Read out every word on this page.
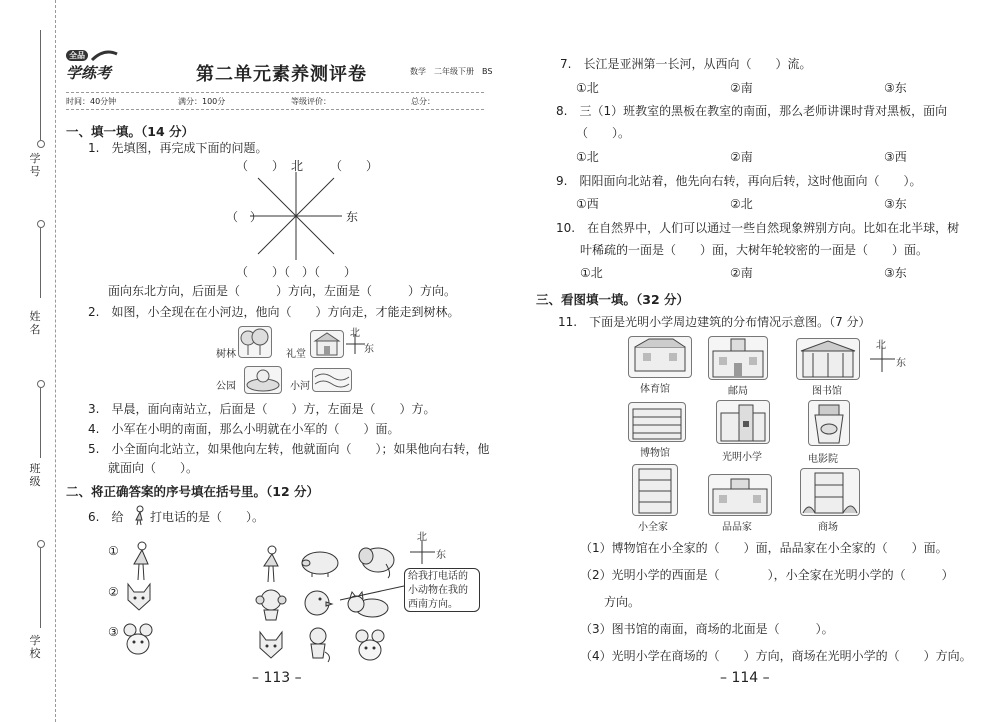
学号
姓名
班级
学校
全品
学练考	第二单元素养测评卷	数学　二年级下册　BS
时间：40分钟	满分：100分	等级评价：	总分：
一、填一填。（14 分）
1.　先填图，再完成下面的问题。
（　　） 北 （　　）
（　）	东
（　　）（　）（　　）
面向东北方向，后面是（　　　）方向，左面是（　　　）方向。
2.　如图，小全现在在小河边，他向（　　）方向走，才能走到树林。
树林	礼堂
北
东
公园	小河
3.　早晨，面向南站立，后面是（　　）方，左面是（　　）方。
4.　小军在小明的南面，那么小明就在小军的（　　）面。
5.　小全面向北站立，如果他向左转，他就面向（　　）；如果他向右转，他
就面向（　　）。
二、将正确答案的序号填在括号里。（12 分）
6.　给 打电话的是（　　）。
①
②
③
北
东
给我打电话的小动物在我的西南方向。
– 113 –
7.　长江是亚洲第一长河，从西向（　　）流。
①北	②南	③东
8.　三（1）班教室的黑板在教室的南面，那么老师讲课时背对黑板，面向
（　　）。
①北	②南	③西
9.　阳阳面向北站着，他先向右转，再向后转，这时他面向（　　）。
①西	②北	③东
10.　在自然界中，人们可以通过一些自然现象辨别方向。比如在北半球，树
叶稀疏的一面是（　　）面，大树年轮较密的一面是（　　）面。
①北	②南	③东
三、看图填一填。（32 分）
11.　下面是光明小学周边建筑的分布情况示意图。（7 分）
体育馆	邮局	图书馆
北
东
博物馆	光明小学	电影院
小全家	品品家	商场
（1）博物馆在小全家的（　　）面，品品家在小全家的（　　）面。
（2）光明小学的西面是（　　　　），小全家在光明小学的（　　　）
方向。
（3）图书馆的南面，商场的北面是（　　　）。
（4）光明小学在商场的（　　）方向，商场在光明小学的（　　）方向。
– 114 –
